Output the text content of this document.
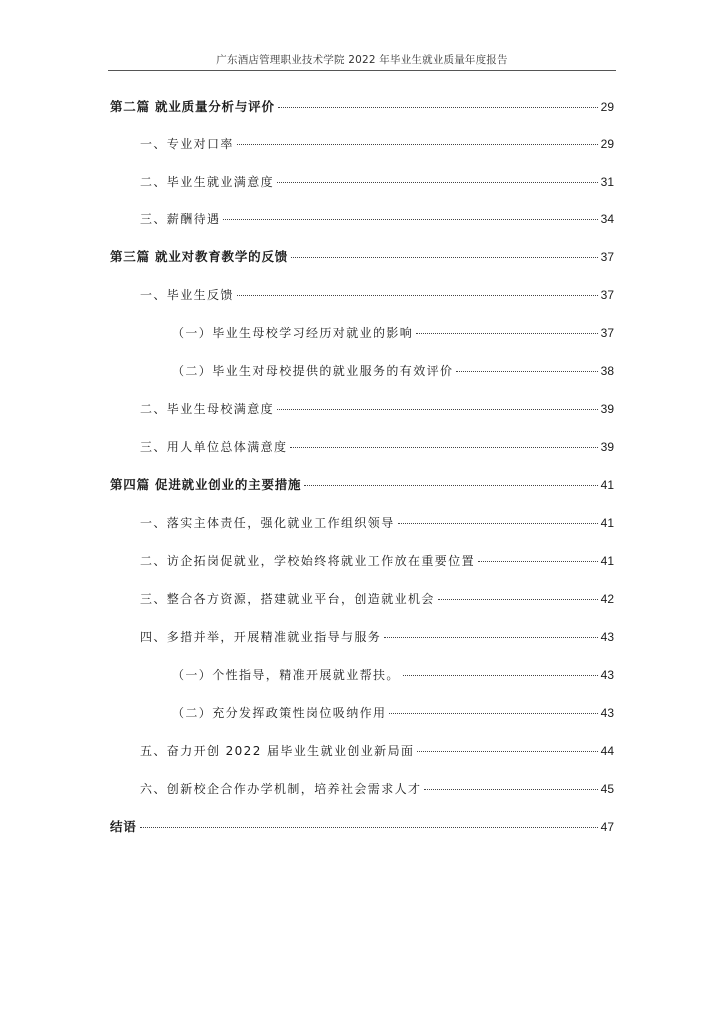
广东酒店管理职业技术学院 2022 年毕业生就业质量年度报告
第二篇 就业质量分析与评价	29
一、专业对口率	29
二、毕业生就业满意度	31
三、薪酬待遇	34
第三篇 就业对教育教学的反馈	37
一、毕业生反馈	37
（一）毕业生母校学习经历对就业的影响	37
（二）毕业生对母校提供的就业服务的有效评价	38
二、毕业生母校满意度	39
三、用人单位总体满意度	39
第四篇 促进就业创业的主要措施	41
一、落实主体责任，强化就业工作组织领导	41
二、访企拓岗促就业，学校始终将就业工作放在重要位置	41
三、整合各方资源，搭建就业平台，创造就业机会	42
四、多措并举，开展精准就业指导与服务	43
（一）个性指导，精准开展就业帮扶。	43
（二）充分发挥政策性岗位吸纳作用	43
五、奋力开创 2022 届毕业生就业创业新局面	44
六、创新校企合作办学机制，培养社会需求人才	45
结语	47
